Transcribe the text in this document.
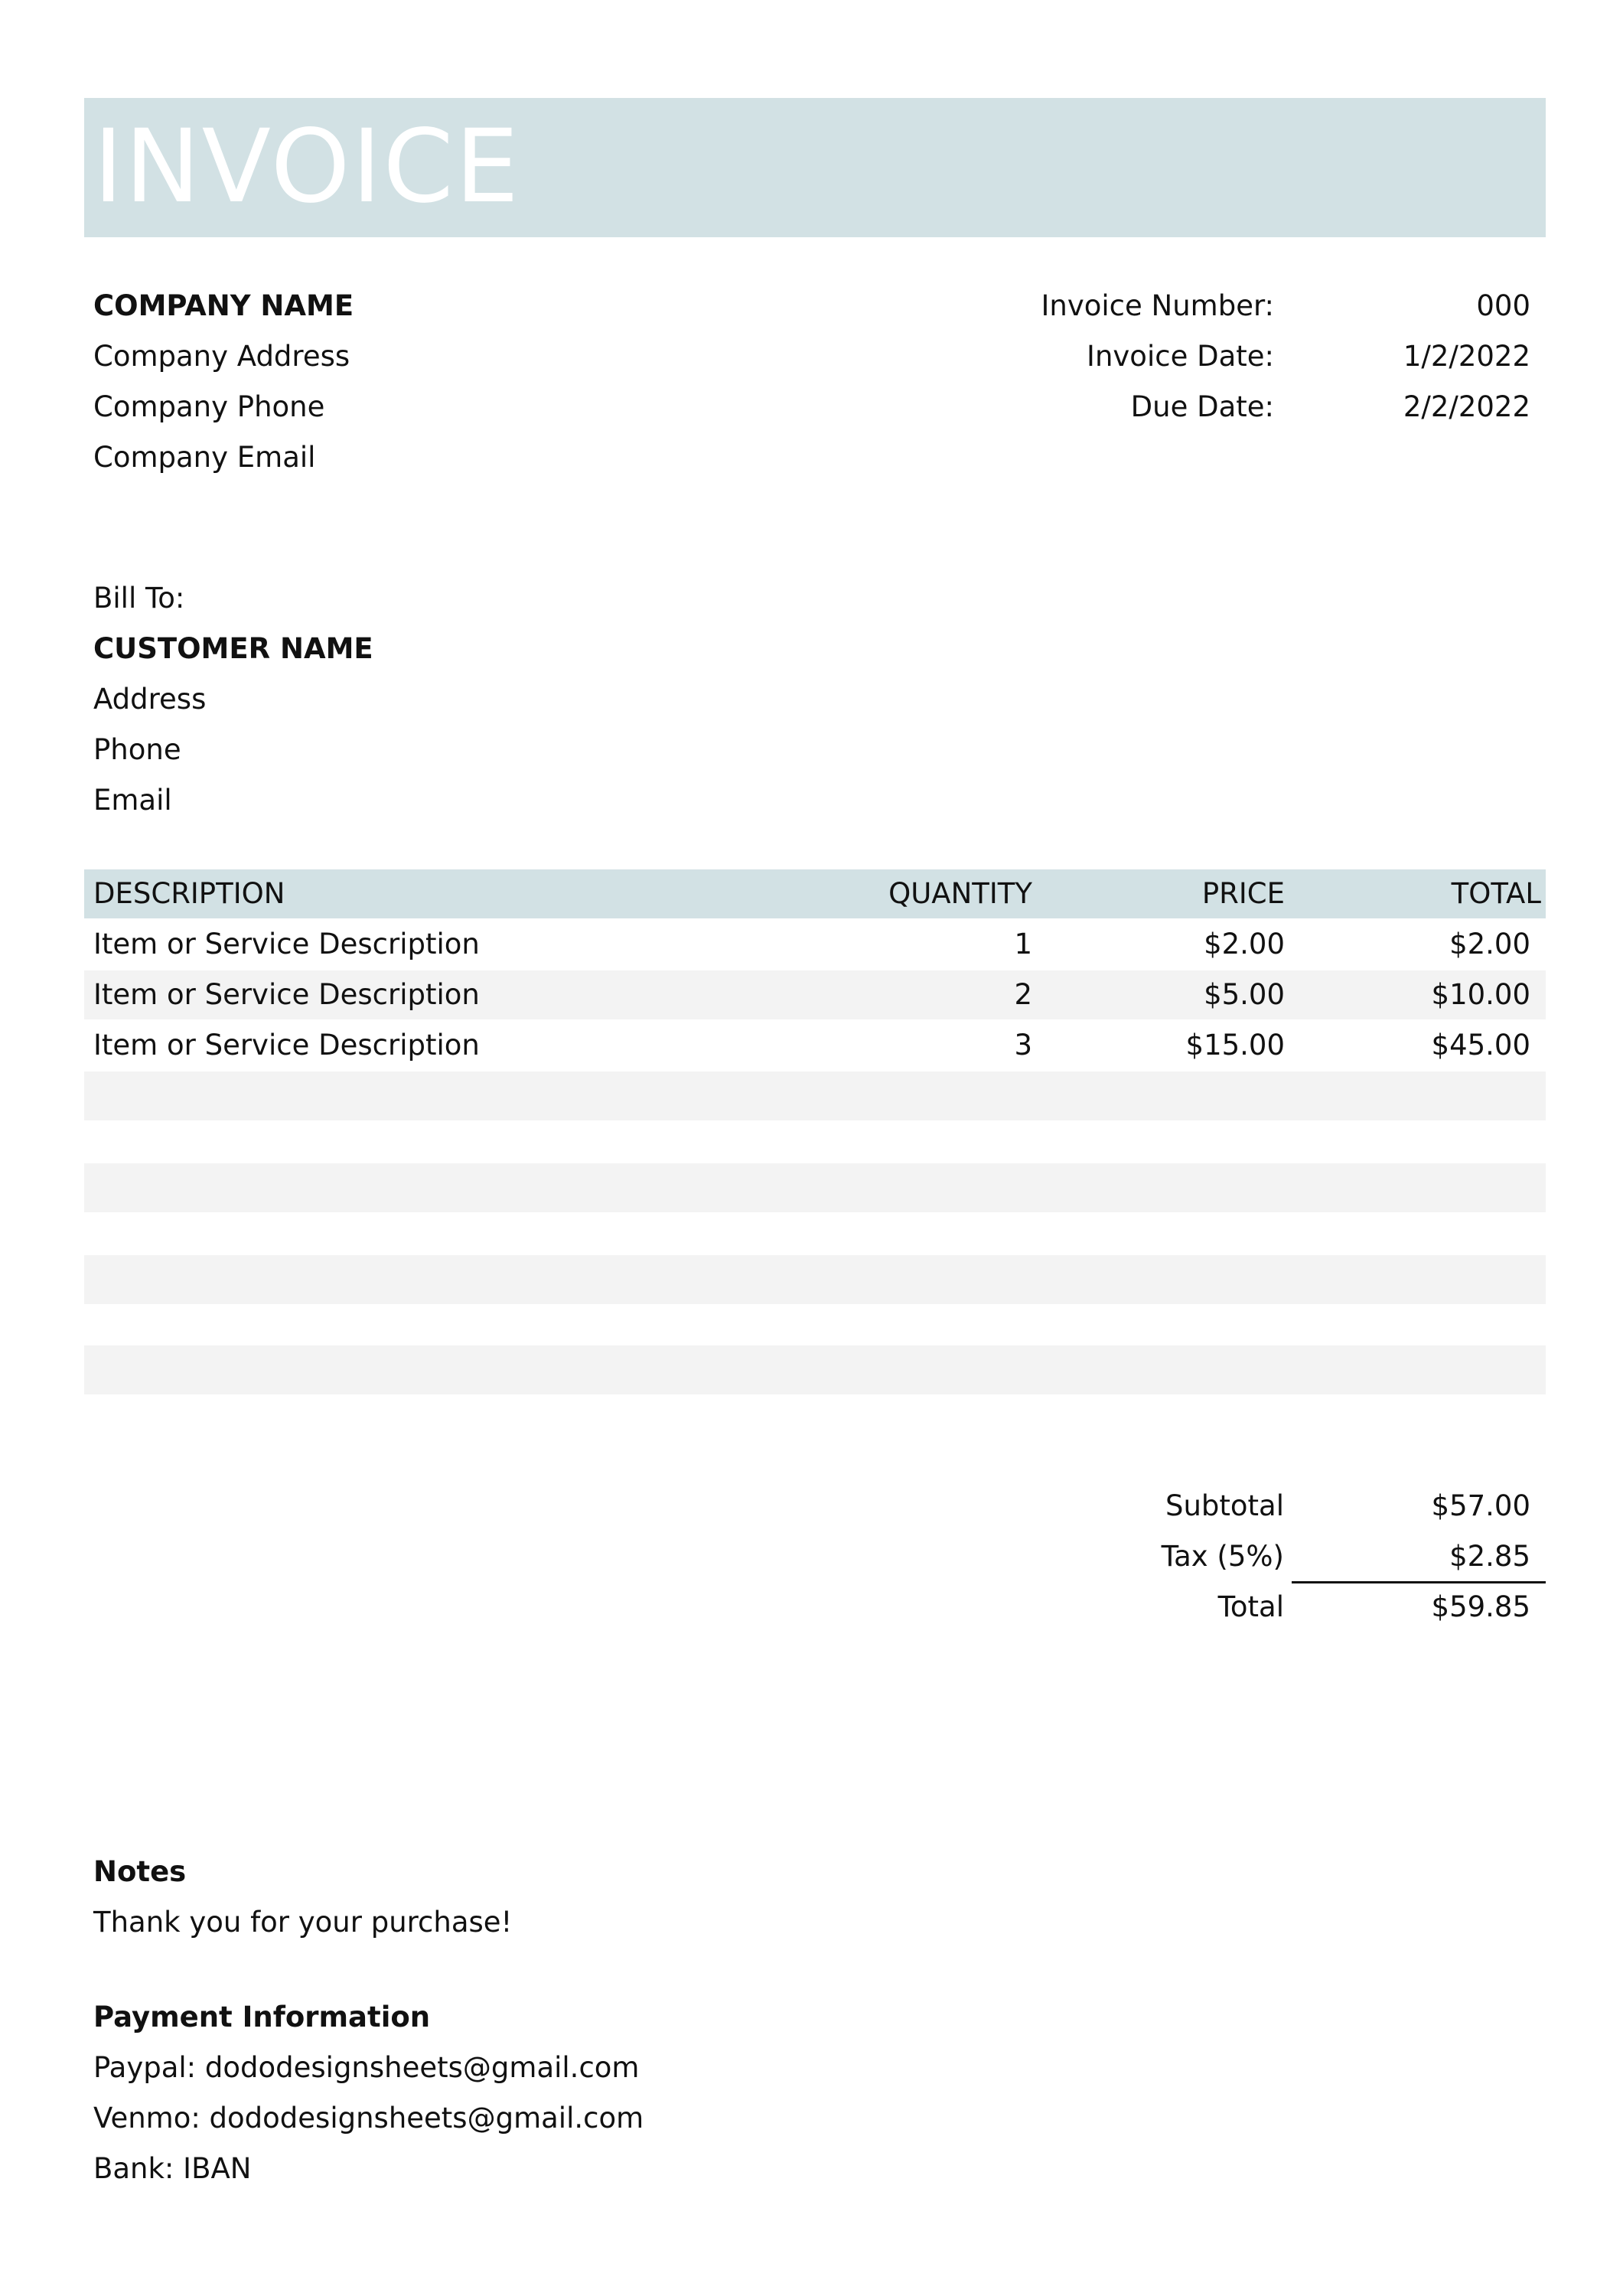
INVOICE
COMPANY NAME
Company Address
Company Phone
Company Email
Invoice Number:	000
Invoice Date:	1/2/2022
Due Date:	2/2/2022
Bill To:
CUSTOMER NAME
Address
Phone
Email
DESCRIPTION	QUANTITY	PRICE	TOTAL
Item or Service Description	1	$2.00	$2.00
Item or Service Description	2	$5.00	$10.00
Item or Service Description	3	$15.00	$45.00
Subtotal	$57.00
Tax (5%)	$2.85
Total	$59.85
Notes
Thank you for your purchase!
Payment Information
Paypal: dododesignsheets@gmail.com
Venmo: dododesignsheets@gmail.com
Bank: IBAN
